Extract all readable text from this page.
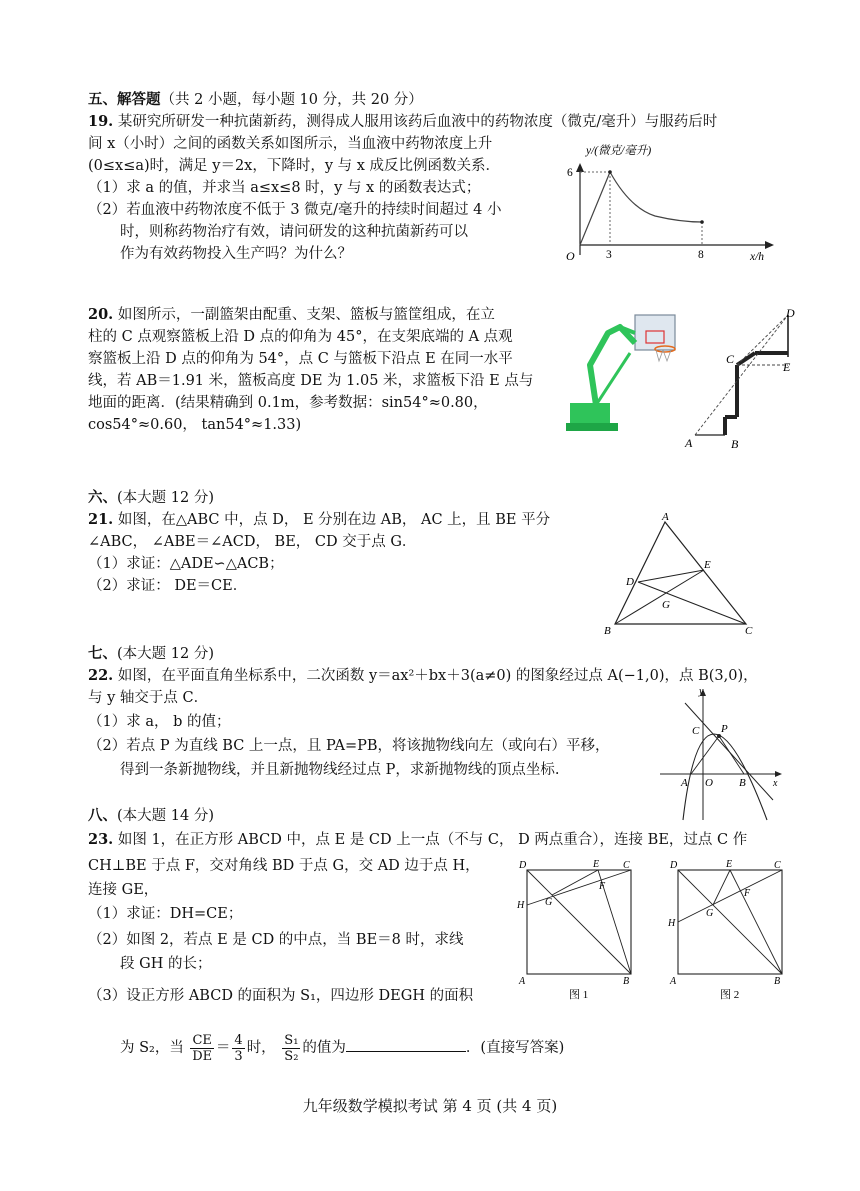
五、解答题（共 2 小题，每小题 10 分，共 20 分）
19. 某研究所研发一种抗菌新药，测得成人服用该药后血液中的药物浓度（微克/毫升）与服药后时
间 x（小时）之间的函数关系如图所示，当血液中药物浓度上升
(0≤x≤a)时，满足 y＝2x，下降时，y 与 x 成反比例函数关系．
（1）求 a 的值，并求当 a≤x≤8 时，y 与 x 的函数表达式；
（2）若血液中药物浓度不低于 3 微克/毫升的持续时间超过 4 小
时，则称药物治疗有效，请问研发的这种抗菌新药可以
作为有效药物投入生产吗？为什么？
y/(微克/毫升)
x/h
O
6
3	8
20. 如图所示，一副篮架由配重、支架、篮板与篮筐组成，在立
柱的 C 点观察篮板上沿 D 点的仰角为 45°，在支架底端的 A 点观
察篮板上沿 D 点的仰角为 54°，点 C 与篮板下沿点 E 在同一水平
线，若 AB＝1.91 米，篮板高度 DE 为 1.05 米，求篮板下沿 E 点与
地面的距离．(结果精确到 0.1m，参考数据：sin54°≈0.80，
cos54°≈0.60， tan54°≈1.33)
D
C
E
A	B
六、(本大题 12 分)
21. 如图，在△ABC 中，点 D， E 分别在边 AB， AC 上，且 BE 平分
∠ABC， ∠ABE＝∠ACD， BE， CD 交于点 G．
（1）求证：△ADE∽△ACB；
（2）求证： DE＝CE．
A
B	C
D
E
G
七、(本大题 12 分)
22. 如图，在平面直角坐标系中，二次函数 y＝ax²＋bx＋3(a≠0) 的图象经过点 A(−1,0)，点 B(3,0)，
与 y 轴交于点 C．
（1）求 a， b 的值；
（2）若点 P 为直线 BC 上一点，且 PA=PB，将该抛物线向左（或向右）平移，
得到一条新抛物线，并且新抛物线经过点 P，求新抛物线的顶点坐标.
y
x
C P
A O B
八、(本大题 14 分)
23. 如图 1，在正方形 ABCD 中，点 E 是 CD 上一点（不与 C， D 两点重合），连接 BE，过点 C 作
CH⊥BE 于点 F，交对角线 BD 于点 G，交 AD 边于点 H，
连接 GE，
（1）求证：DH=CE；
（2）如图 2，若点 E 是 CD 的中点，当 BE＝8 时，求线
段 GH 的长；
（3）设正方形 ABCD 的面积为 S₁，四边形 DEGH 的面积
为 S₂，当 $\frac{CE}{DE} = \frac{4}{3}$ 时， $\frac{\text{S₁}}{\text{S₂}}$ 的值为	．(直接写答案)
D	E C
F
H G
A	B
图 1
D	E	C
F
H
G
A	B
图 2
九年级数学模拟考试 第 4 页 (共 4 页)
